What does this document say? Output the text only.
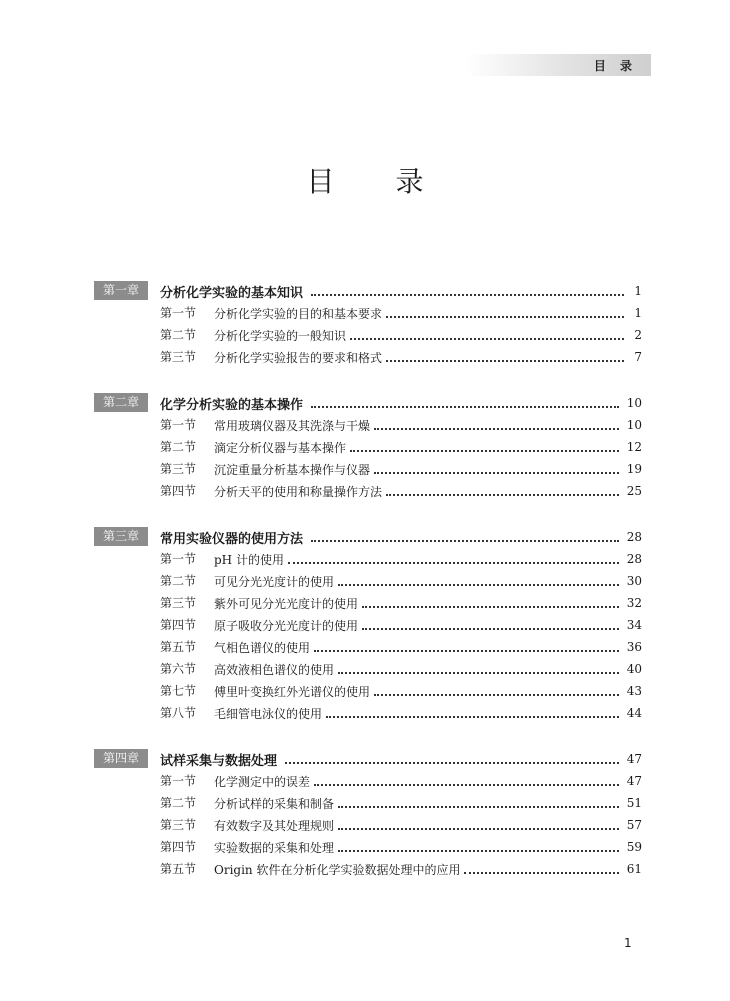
目 录
目 录
第一章	分析化学实验的基本知识	1
第一节 分析化学实验的目的和基本要求	1
第二节 分析化学实验的一般知识	2
第三节 分析化学实验报告的要求和格式	7
第二章	化学分析实验的基本操作	10
第一节 常用玻璃仪器及其洗涤与干燥	10
第二节 滴定分析仪器与基本操作	12
第三节 沉淀重量分析基本操作与仪器	19
第四节 分析天平的使用和称量操作方法	25
第三章	常用实验仪器的使用方法	28
第一节 pH 计的使用	28
第二节 可见分光光度计的使用	30
第三节 紫外可见分光光度计的使用	32
第四节 原子吸收分光光度计的使用	34
第五节 气相色谱仪的使用	36
第六节 高效液相色谱仪的使用	40
第七节 傅里叶变换红外光谱仪的使用	43
第八节 毛细管电泳仪的使用	44
第四章	试样采集与数据处理	47
第一节 化学测定中的误差	47
第二节 分析试样的采集和制备	51
第三节 有效数字及其处理规则	57
第四节 实验数据的采集和处理	59
第五节 Origin 软件在分析化学实验数据处理中的应用	61
1
